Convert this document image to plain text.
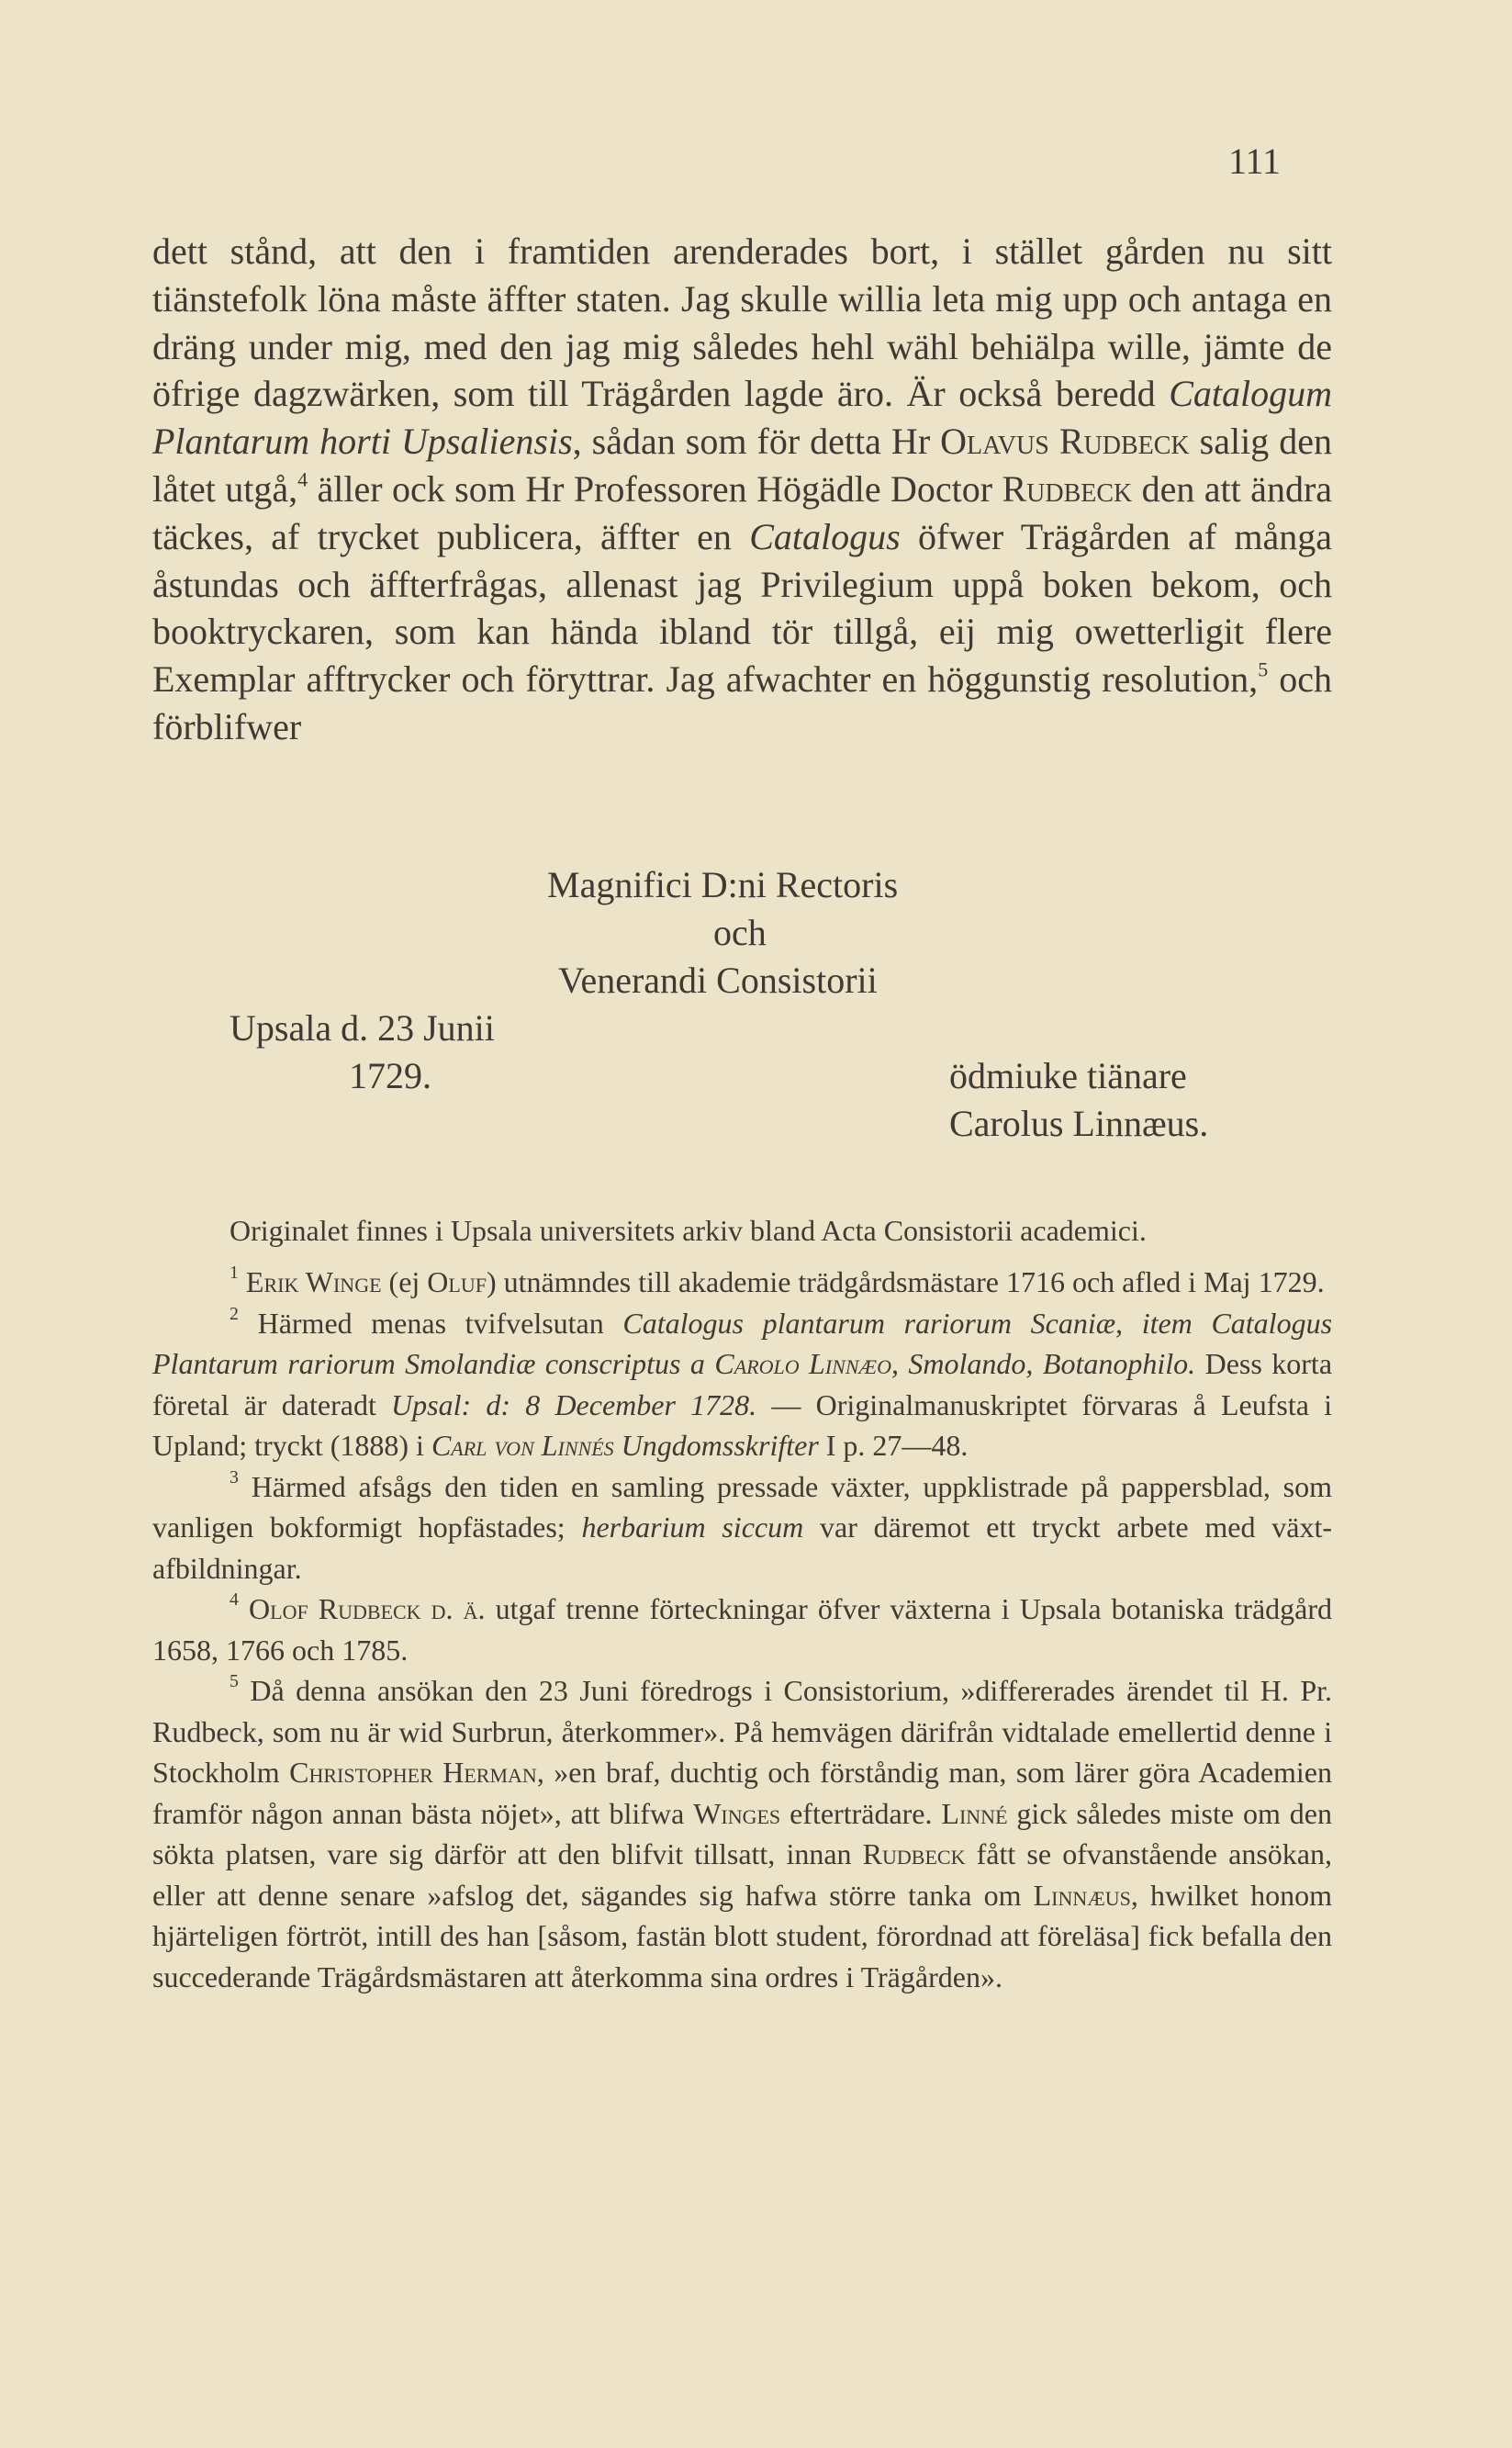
111

dett stånd, att den i framtiden arenderades bort, i stället gården nu sitt tiänstefolk löna måste äffter staten. Jag skulle willia leta mig upp och antaga en dräng under mig, med den jag mig således hehl wähl behiälpa wille, jämte de öfrige dagzwärken, som till Trägården lagde äro. Är också beredd Catalogum Plantarum horti Upsaliensis, sådan som för detta Hr Olavus Rudbeck salig den låtet utgå,$^4$ äller ock som Hr Professoren Högädle Doctor Rudbeck den att ändra täckes, af trycket publicera, äffter en Catalogus öfwer Trägården af många åstundas och äffterfrågas, allenast jag Privilegium uppå boken bekom, och booktryckaren, som kan hända ibland tör tillgå, eij mig owetterligit flere Exemplar afftrycker och föryttrar. Jag afwachter en höggunstig resolution,$^5$ och förblifwer

Magnifici D:ni Rectoris
och
Venerandi Consistorii
Upsala d. 23 Junii
1729.	ödmiuke tiänare
Carolus Linnæus.
Originalet finnes i Upsala universitets arkiv bland Acta Consistorii academici.

$^1$ Erik Winge (ej Oluf) utnämndes till akademie trädgårdsmästare 1716 och afled i Maj 1729.

$^2$ Härmed menas tvifvelsutan Catalogus plantarum rariorum Scaniæ, item Catalogus Plantarum rariorum Smolandiæ conscriptus a Carolo Linnæo, Smolando, Botanophilo. Dess korta företal är dateradt Upsal: d: 8 December 1728. — Originalmanuskriptet förvaras å Leufsta i Upland; tryckt (1888) i Carl von Linnés Ungdomsskrifter I p. 27—48.

$^3$ Härmed afsågs den tiden en samling pressade växter, uppklistrade på pappersblad, som vanligen bokformigt hopfästades; herbarium siccum var däremot ett tryckt arbete med växt-afbildningar.

$^4$ Olof Rudbeck d. ä. utgaf trenne förteckningar öfver växterna i Upsala botaniska trädgård 1658, 1766 och 1785.

$^5$ Då denna ansökan den 23 Juni föredrogs i Consistorium, »differerades ärendet til H. Pr. Rudbeck, som nu är wid Surbrun, återkommer». På hemvägen därifrån vidtalade emellertid denne i Stockholm Christopher Herman, »en braf, duchtig och förståndig man, som lärer göra Academien framför någon annan bästa nöjet», att blifwa Winges efterträdare. Linné gick således miste om den sökta platsen, vare sig därför att den blifvit tillsatt, innan Rudbeck fått se ofvanstående ansökan, eller att denne senare »afslog det, sägandes sig hafwa större tanka om Linnæus, hwilket honom hjärteligen förtröt, intill des han [såsom, fastän blott student, förordnad att föreläsa] fick befalla den succederande Trägårdsmästaren att återkomma sina ordres i Trägården».
